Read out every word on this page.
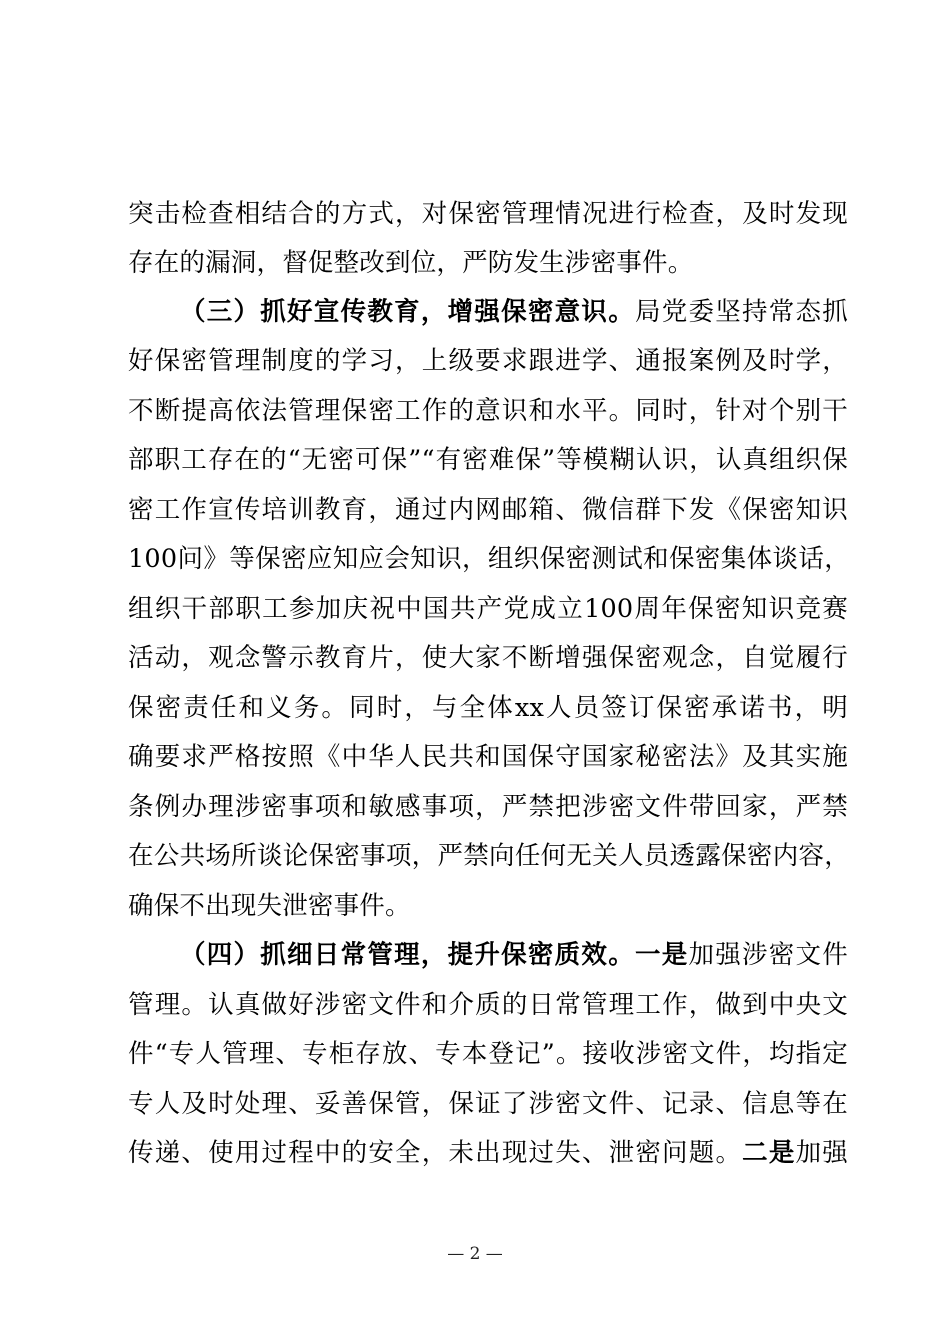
突击检查相结合的方式，对保密管理情况进行检查，及时发现
存在的漏洞，督促整改到位，严防发生涉密事件。
（三）抓好宣传教育，增强保密意识。局党委坚持常态抓
好保密管理制度的学习，上级要求跟进学、通报案例及时学，
不断提高依法管理保密工作的意识和水平。同时，针对个别干
部职工存在的“无密可保”“有密难保”等模糊认识，认真组织保
密工作宣传培训教育，通过内网邮箱、微信群下发《保密知识
100问》等保密应知应会知识，组织保密测试和保密集体谈话，
组织干部职工参加庆祝中国共产党成立100周年保密知识竞赛
活动，观念警示教育片，使大家不断增强保密观念，自觉履行
保密责任和义务。同时，与全体xx人员签订保密承诺书，明
确要求严格按照《中华人民共和国保守国家秘密法》及其实施
条例办理涉密事项和敏感事项，严禁把涉密文件带回家，严禁
在公共场所谈论保密事项，严禁向任何无关人员透露保密内容，
确保不出现失泄密事件。
（四）抓细日常管理，提升保密质效。一是加强涉密文件
管理。认真做好涉密文件和介质的日常管理工作，做到中央文
件“专人管理、专柜存放、专本登记”。接收涉密文件，均指定
专人及时处理、妥善保管，保证了涉密文件、记录、信息等在
传递、使用过程中的安全，未出现过失、泄密问题。二是加强
— 2 —
